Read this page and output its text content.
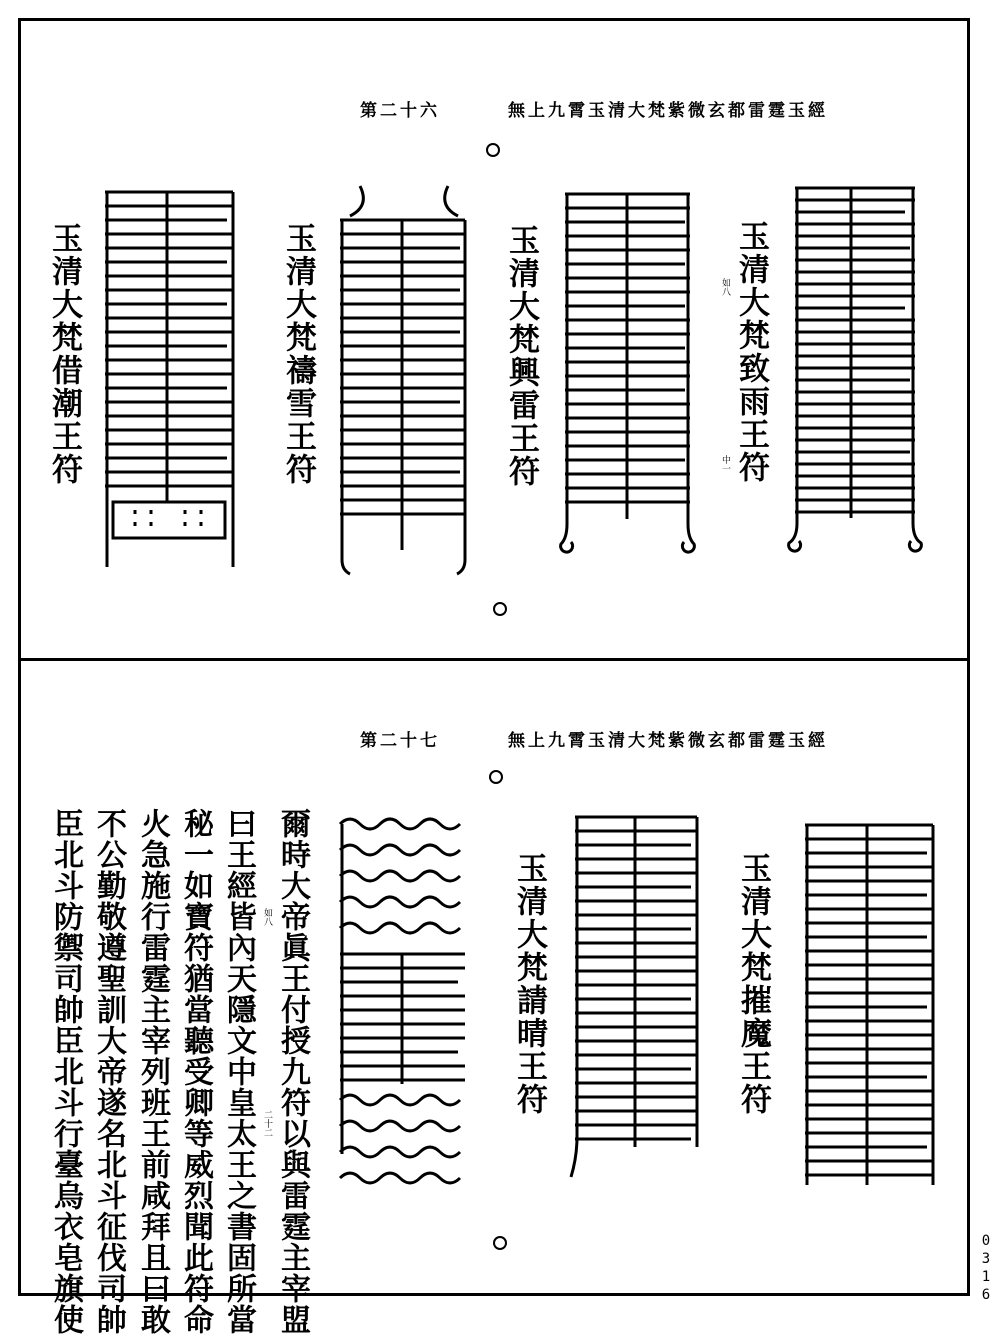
第二十六	無上九霄玉清大梵紫微玄都雷霆玉經
玉清大梵致雨王符
如八
中一
玉清大梵興雷王符
玉清大梵禱雪王符
玉清大梵借潮王符
第二十七	無上九霄玉清大梵紫微玄都雷霆玉經
玉清大梵摧魔王符
玉清大梵請晴王符
爾時大帝眞王付授九符以與雷霆主宰盟
曰王經皆內天隱文中皇太王之書固所當
秘一如寶符猶當聽受卿等威烈聞此符命
火急施行雷霆主宰列班王前咸拜且曰敢
不公勤敬遵聖訓大帝遂名北斗征伐司帥
臣北斗防禦司帥臣北斗行臺烏衣皂旗使	如八
二十二
0316
